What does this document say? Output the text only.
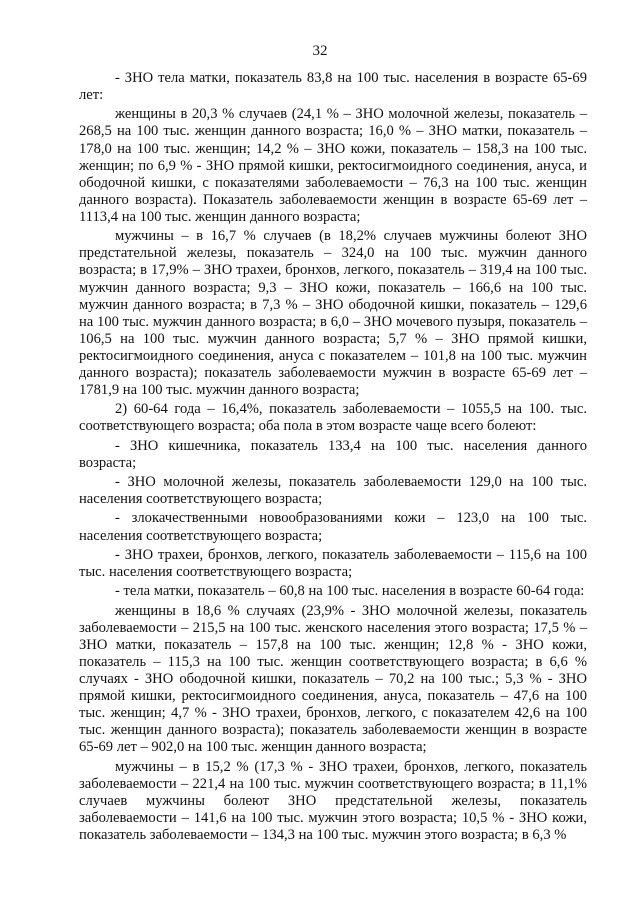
32

- ЗНО тела матки, показатель 83,8 на 100 тыс. населения в возрасте 65-69 лет:

женщины в 20,3 % случаев (24,1 % – ЗНО молочной железы, показатель – 268,5 на 100 тыс. женщин данного возраста; 16,0 % – ЗНО матки, показатель – 178,0 на 100 тыс. женщин; 14,2 % – ЗНО кожи, показатель – 158,3 на 100 тыс. женщин; по 6,9 % - ЗНО прямой кишки, ректосигмоидного соединения, ануса, и ободочной кишки, с показателями заболеваемости – 76,3 на 100 тыс. женщин данного возраста). Показатель заболеваемости женщин в возрасте 65-69 лет – 1113,4 на 100 тыс. женщин данного возраста;

мужчины – в 16,7 % случаев (в 18,2% случаев мужчины болеют ЗНО предстательной железы, показатель – 324,0 на 100 тыс. мужчин данного возраста; в 17,9% – ЗНО трахеи, бронхов, легкого, показатель – 319,4 на 100 тыс. мужчин данного возраста; 9,3 – ЗНО кожи, показатель – 166,6 на 100 тыс. мужчин данного возраста; в 7,3 % – ЗНО ободочной кишки, показатель – 129,6 на 100 тыс. мужчин данного возраста; в 6,0 – ЗНО мочевого пузыря, показатель – 106,5 на 100 тыс. мужчин данного возраста; 5,7 % – ЗНО прямой кишки, ректосигмоидного соединения, ануса с показателем – 101,8 на 100 тыс. мужчин данного возраста); показатель заболеваемости мужчин в возрасте 65-69 лет – 1781,9 на 100 тыс. мужчин данного возраста;

2) 60-64 года – 16,4%, показатель заболеваемости – 1055,5 на 100. тыс. соответствующего возраста; оба пола в этом возрасте чаще всего болеют:

- ЗНО кишечника, показатель 133,4 на 100 тыс. населения данного возраста;

- ЗНО молочной железы, показатель заболеваемости 129,0 на 100 тыс. населения соответствующего возраста;

- злокачественными новообразованиями кожи – 123,0 на 100 тыс. населения соответствующего возраста;

- ЗНО трахеи, бронхов, легкого, показатель заболеваемости – 115,6 на 100 тыс. населения соответствующего возраста;

- тела матки, показатель – 60,8 на 100 тыс. населения в возрасте 60-64 года:

женщины в 18,6 % случаях (23,9% - ЗНО молочной железы, показатель заболеваемости – 215,5 на 100 тыс. женского населения этого возраста; 17,5 % – ЗНО матки, показатель – 157,8 на 100 тыс. женщин; 12,8 % - ЗНО кожи, показатель – 115,3 на 100 тыс. женщин соответствующего возраста; в 6,6 % случаях - ЗНО ободочной кишки, показатель – 70,2 на 100 тыс.; 5,3 % - ЗНО прямой кишки, ректосигмоидного соединения, ануса, показатель – 47,6 на 100 тыс. женщин; 4,7 % - ЗНО трахеи, бронхов, легкого, с показателем 42,6 на 100 тыс. женщин данного возраста); показатель заболеваемости женщин в возрасте 65-69 лет – 902,0 на 100 тыс. женщин данного возраста;

мужчины – в 15,2 % (17,3 % - ЗНО трахеи, бронхов, легкого, показатель заболеваемости – 221,4 на 100 тыс. мужчин соответствующего возраста; в 11,1% случаев мужчины болеют ЗНО предстательной железы, показатель заболеваемости – 141,6 на 100 тыс. мужчин этого возраста; 10,5 % - ЗНО кожи, показатель заболеваемости – 134,3 на 100 тыс. мужчин этого возраста; в 6,3 %
